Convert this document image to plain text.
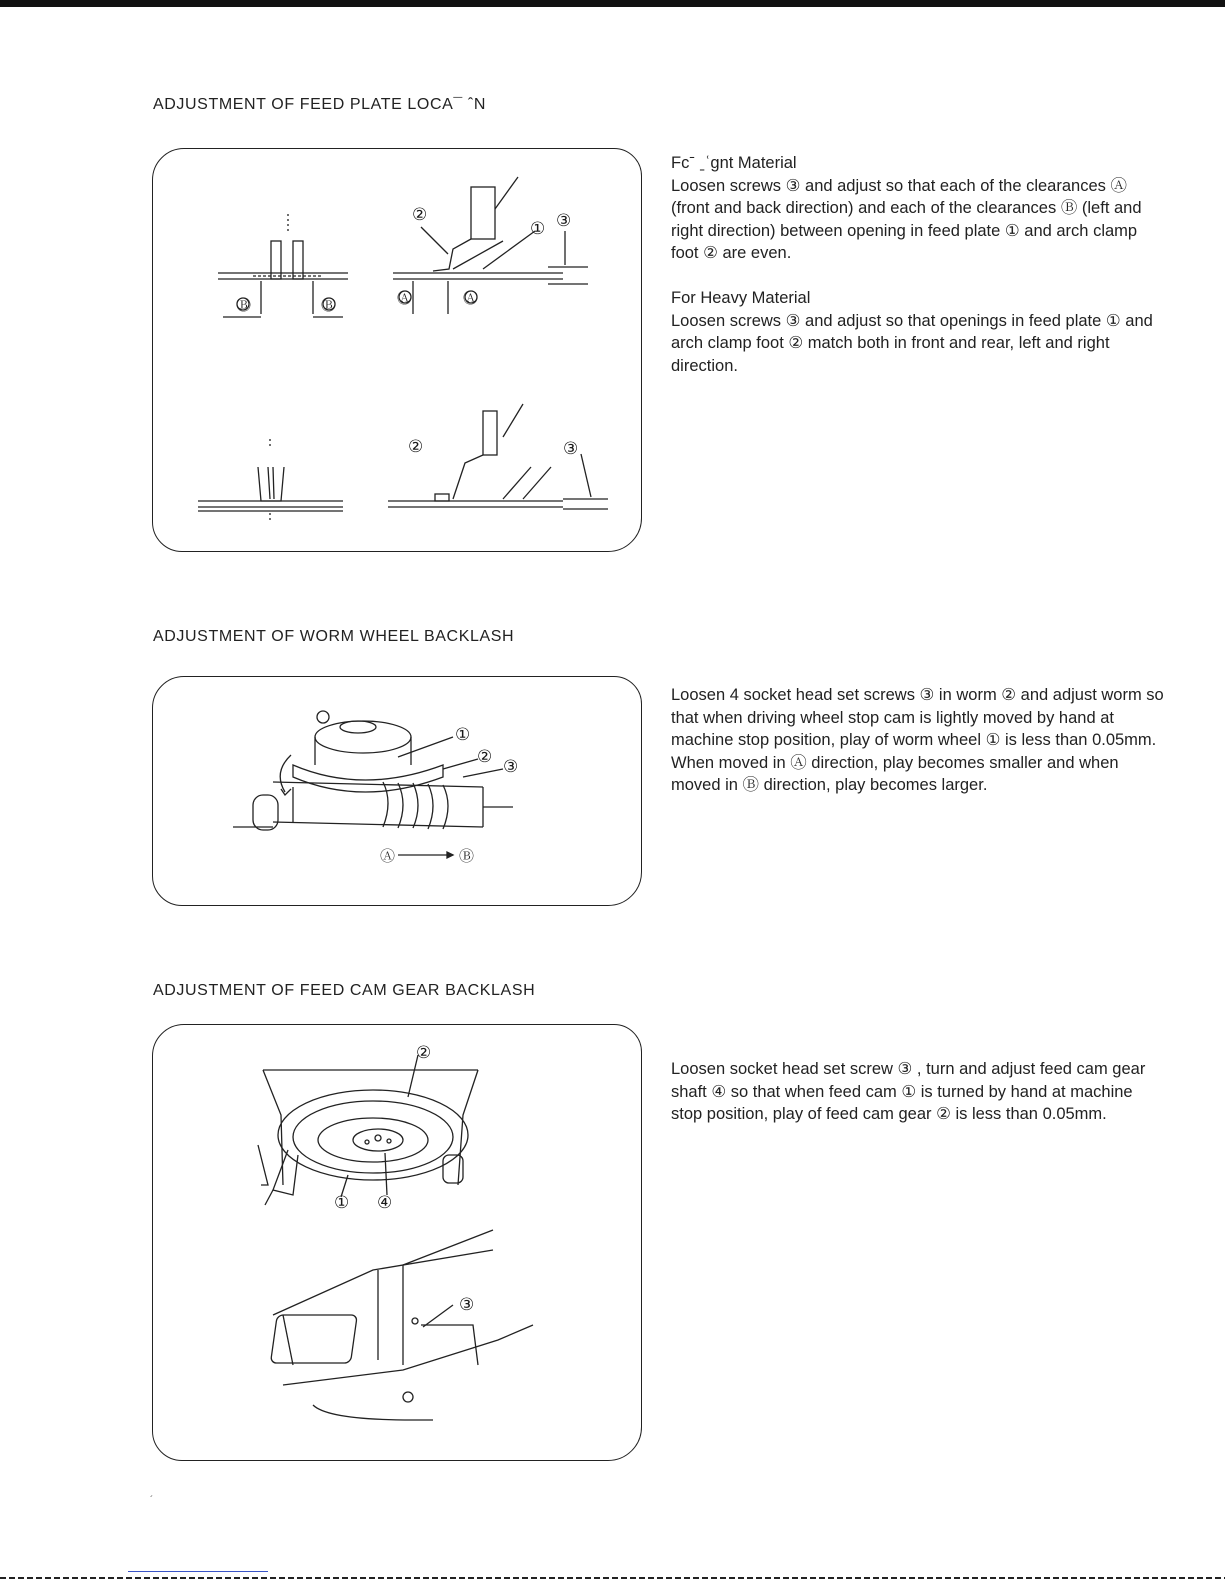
ADJUSTMENT OF FEED PLATE LOCA¯ ˆN
②
① ③
Ⓑ	Ⓑ	Ⓐ	Ⓐ
②	③

Fcˉ ˍʿgnt Material

Loosen screws ③ and adjust so that each of the clearances Ⓐ (front and back direction) and each of the clearances Ⓑ (left and right direction) between opening in feed plate ① and arch clamp foot ② are even.

For Heavy Material

Loosen screws ③ and adjust so that openings in feed plate ① and arch clamp foot ② match both in front and rear, left and right direction.

ADJUSTMENT OF WORM WHEEL BACKLASH
①
②
③
Ⓐ	Ⓑ

Loosen 4 socket head set screws ③ in worm ② and adjust worm so that when driving wheel stop cam is lightly moved by hand at machine stop position, play of worm wheel ① is less than 0.05mm.

When moved in Ⓐ direction, play becomes smaller and when moved in Ⓑ direction, play becomes larger.

ADJUSTMENT OF FEED CAM GEAR BACKLASH
②
① ④
③

Loosen socket head set screw ③ , turn and adjust feed cam gear shaft ④ so that when feed cam ① is turned by hand at machine stop position, play of feed cam gear ② is less than 0.05mm.

´
